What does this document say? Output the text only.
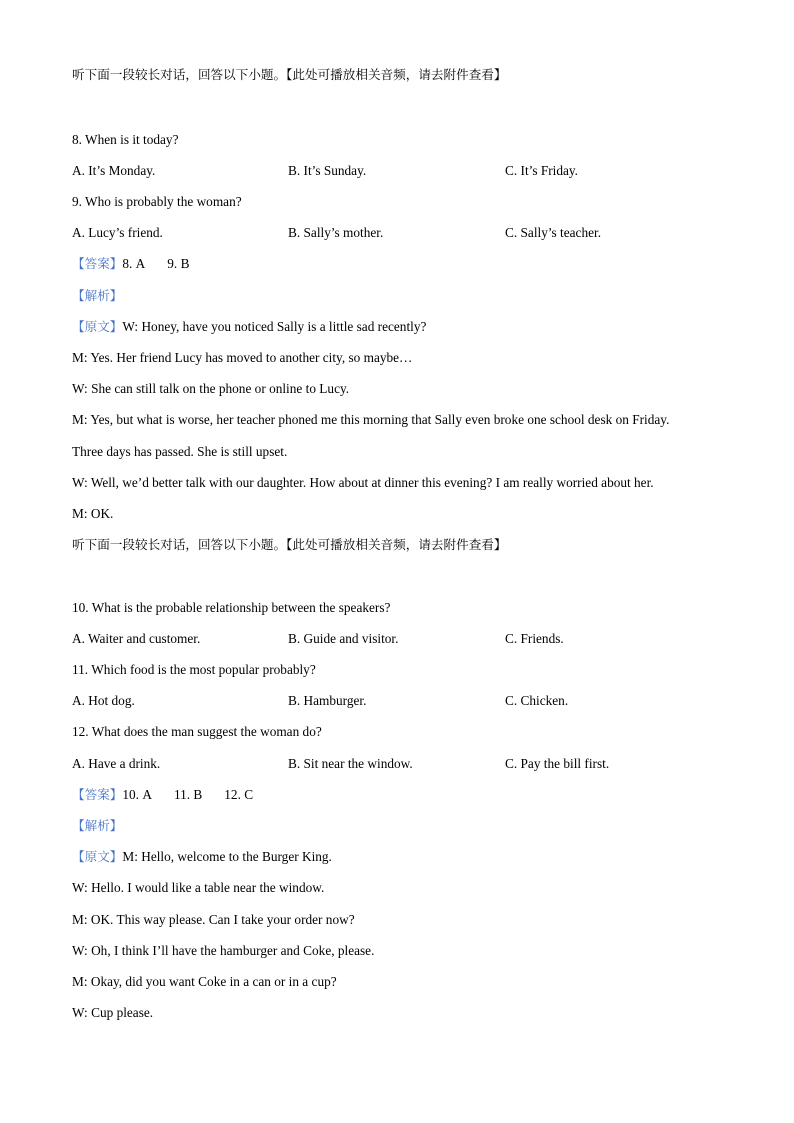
听下面一段较长对话，回答以下小题。【此处可播放相关音频，请去附件查看】
8. When is it today?
A. It’s Monday.	B. It’s Sunday.	C. It’s Friday.
9. Who is probably the woman?
A. Lucy’s friend.	B. Sally’s mother.	C. Sally’s teacher.
【答案】8. A 9. B
【解析】
【原文】W: Honey, have you noticed Sally is a little sad recently?
M: Yes. Her friend Lucy has moved to another city, so maybe…
W: She can still talk on the phone or online to Lucy.
M: Yes, but what is worse, her teacher phoned me this morning that Sally even broke one school desk on Friday.
Three days has passed. She is still upset.
W: Well, we’d better talk with our daughter. How about at dinner this evening? I am really worried about her.
M: OK.
听下面一段较长对话，回答以下小题。【此处可播放相关音频，请去附件查看】
10. What is the probable relationship between the speakers?
A. Waiter and customer.	B. Guide and visitor.	C. Friends.
11. Which food is the most popular probably?
A. Hot dog.	B. Hamburger.	C. Chicken.
12. What does the man suggest the woman do?
A. Have a drink.	B. Sit near the window.	C. Pay the bill first.
【答案】10. A 11. B 12. C
【解析】
【原文】M: Hello, welcome to the Burger King.
W: Hello. I would like a table near the window.
M: OK. This way please. Can I take your order now?
W: Oh, I think I’ll have the hamburger and Coke, please.
M: Okay, did you want Coke in a can or in a cup?
W: Cup please.
